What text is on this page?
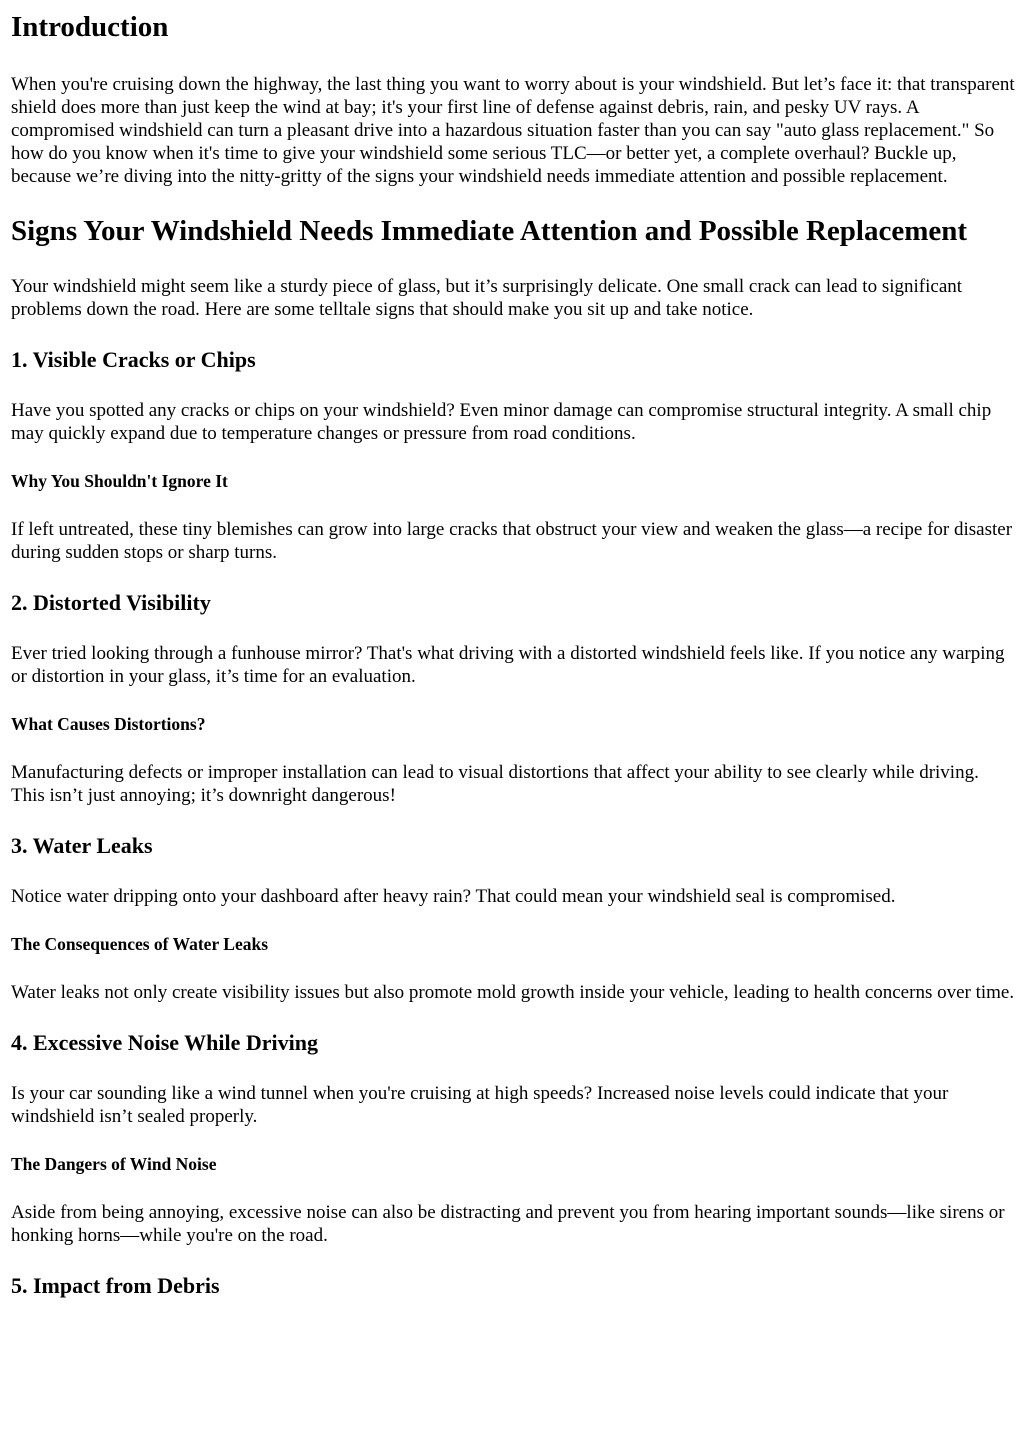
Introduction

When you're cruising down the highway, the last thing you want to worry about is your windshield. But let’s face it: that transparent shield does more than just keep the wind at bay; it's your first line of defense against debris, rain, and pesky UV rays. A compromised windshield can turn a pleasant drive into a hazardous situation faster than you can say "auto glass replacement." So how do you know when it's time to give your windshield some serious TLC—or better yet, a complete overhaul? Buckle up, because we’re diving into the nitty-gritty of the signs your windshield needs immediate attention and possible replacement.

Signs Your Windshield Needs Immediate Attention and Possible Replacement

Your windshield might seem like a sturdy piece of glass, but it’s surprisingly delicate. One small crack can lead to significant problems down the road. Here are some telltale signs that should make you sit up and take notice.

1. Visible Cracks or Chips

Have you spotted any cracks or chips on your windshield? Even minor damage can compromise structural integrity. A small chip may quickly expand due to temperature changes or pressure from road conditions.

Why You Shouldn't Ignore It

If left untreated, these tiny blemishes can grow into large cracks that obstruct your view and weaken the glass—a recipe for disaster during sudden stops or sharp turns.

2. Distorted Visibility

Ever tried looking through a funhouse mirror? That's what driving with a distorted windshield feels like. If you notice any warping or distortion in your glass, it’s time for an evaluation.

What Causes Distortions?

Manufacturing defects or improper installation can lead to visual distortions that affect your ability to see clearly while driving. This isn’t just annoying; it’s downright dangerous!

3. Water Leaks

Notice water dripping onto your dashboard after heavy rain? That could mean your windshield seal is compromised.

The Consequences of Water Leaks

Water leaks not only create visibility issues but also promote mold growth inside your vehicle, leading to health concerns over time.

4. Excessive Noise While Driving

Is your car sounding like a wind tunnel when you're cruising at high speeds? Increased noise levels could indicate that your windshield isn’t sealed properly.

The Dangers of Wind Noise

Aside from being annoying, excessive noise can also be distracting and prevent you from hearing important sounds—like sirens or honking horns—while you're on the road.

5. Impact from Debris
